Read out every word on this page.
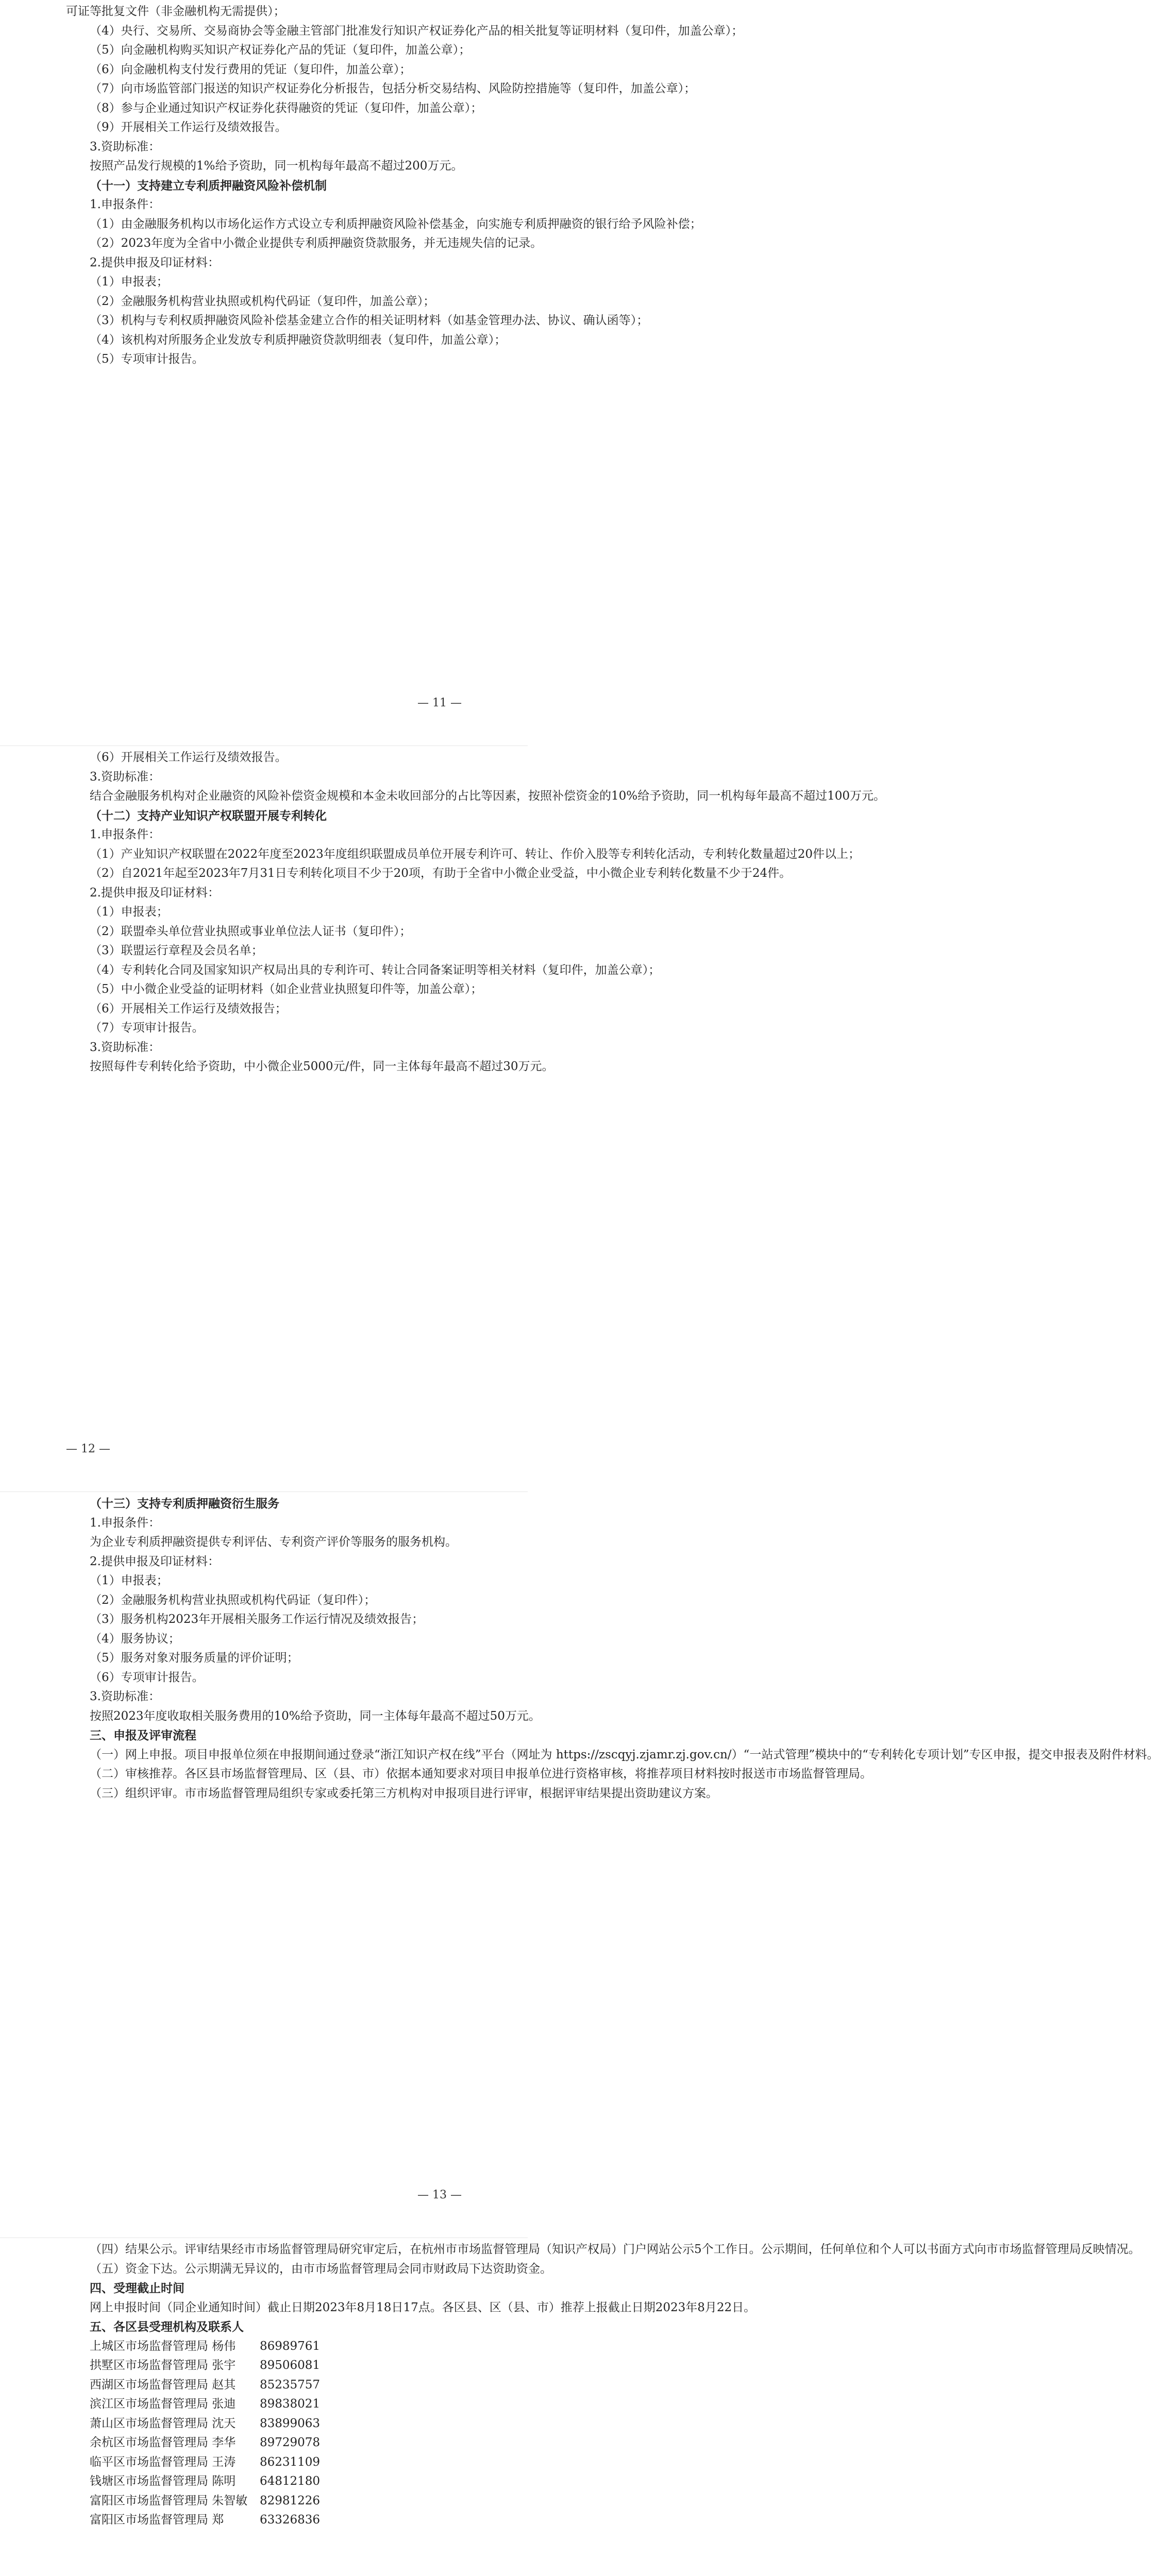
可证等批复文件（非金融机构无需提供）；
（4）央行、交易所、交易商协会等金融主管部门批准发行知识产权证券化产品的相关批复等证明材料（复印件，加盖公章）；
（5）向金融机构购买知识产权证券化产品的凭证（复印件，加盖公章）；
（6）向金融机构支付发行费用的凭证（复印件，加盖公章）；
（7）向市场监管部门报送的知识产权证券化分析报告，包括分析交易结构、风险防控措施等（复印件，加盖公章）；
（8）参与企业通过知识产权证券化获得融资的凭证（复印件，加盖公章）；
（9）开展相关工作运行及绩效报告。
3.资助标准：
按照产品发行规模的1%给予资助，同一机构每年最高不超过200万元。
（十一）支持建立专利质押融资风险补偿机制
1.申报条件：
（1）由金融服务机构以市场化运作方式设立专利质押融资风险补偿基金，向实施专利质押融资的银行给予风险补偿；
（2）2023年度为全省中小微企业提供专利质押融资贷款服务，并无违规失信的记录。
2.提供申报及印证材料：
（1）申报表；
（2）金融服务机构营业执照或机构代码证（复印件，加盖公章）；
（3）机构与专利权质押融资风险补偿基金建立合作的相关证明材料（如基金管理办法、协议、确认函等）；
（4）该机构对所服务企业发放专利质押融资贷款明细表（复印件，加盖公章）；
（5）专项审计报告。
— 11 —
（6）开展相关工作运行及绩效报告。
3.资助标准：
结合金融服务机构对企业融资的风险补偿资金规模和本金未收回部分的占比等因素，按照补偿资金的10%给予资助，同一机构每年最高不超过100万元。
（十二）支持产业知识产权联盟开展专利转化
1.申报条件：
（1）产业知识产权联盟在2022年度至2023年度组织联盟成员单位开展专利许可、转让、作价入股等专利转化活动，专利转化数量超过20件以上；
（2）自2021年起至2023年7月31日专利转化项目不少于20项，有助于全省中小微企业受益，中小微企业专利转化数量不少于24件。
2.提供申报及印证材料：
（1）申报表；
（2）联盟牵头单位营业执照或事业单位法人证书（复印件）；
（3）联盟运行章程及会员名单；
（4）专利转化合同及国家知识产权局出具的专利许可、转让合同备案证明等相关材料（复印件，加盖公章）；
（5）中小微企业受益的证明材料（如企业营业执照复印件等，加盖公章）；
（6）开展相关工作运行及绩效报告；
（7）专项审计报告。
3.资助标准：
按照每件专利转化给予资助，中小微企业5000元/件，同一主体每年最高不超过30万元。
— 12 —
（十三）支持专利质押融资衍生服务
1.申报条件：
为企业专利质押融资提供专利评估、专利资产评价等服务的服务机构。
2.提供申报及印证材料：
（1）申报表；
（2）金融服务机构营业执照或机构代码证（复印件）；
（3）服务机构2023年开展相关服务工作运行情况及绩效报告；
（4）服务协议；
（5）服务对象对服务质量的评价证明；
（6）专项审计报告。
3.资助标准：
按照2023年度收取相关服务费用的10%给予资助，同一主体每年最高不超过50万元。
三、申报及评审流程
（一）网上申报。项目申报单位须在申报期间通过登录“浙江知识产权在线”平台（网址为 https://zscqyj.zjamr.zj.gov.cn/）“一站式管理”模块中的“专利转化专项计划”专区申报，提交申报表及附件材料。
（二）审核推荐。各区县市场监督管理局、区（县、市）依据本通知要求对项目申报单位进行资格审核，将推荐项目材料按时报送市市场监督管理局。
（三）组织评审。市市场监督管理局组织专家或委托第三方机构对申报项目进行评审，根据评审结果提出资助建议方案。
— 13 —
（四）结果公示。评审结果经市市场监督管理局研究审定后，在杭州市市场监督管理局（知识产权局）门户网站公示5个工作日。公示期间，任何单位和个人可以书面方式向市市场监督管理局反映情况。
（五）资金下达。公示期满无异议的，由市市场监督管理局会同市财政局下达资助资金。
四、受理截止时间
网上申报时间（同企业通知时间）截止日期2023年8月18日17点。各区县、区（县、市）推荐上报截止日期2023年8月22日。
五、各区县受理机构及联系人
上城区市场监督管理局 杨伟	86989761
拱墅区市场监督管理局 张宇	89506081
西湖区市场监督管理局 赵其	85235757
滨江区市场监督管理局 张迪	89838021
萧山区市场监督管理局 沈天	83899063
余杭区市场监督管理局 李华	89729078
临平区市场监督管理局 王涛	86231109
钱塘区市场监督管理局 陈明	64812180
富阳区市场监督管理局 朱智敏	82981226
富阳区市场监督管理局 郑	63326836
